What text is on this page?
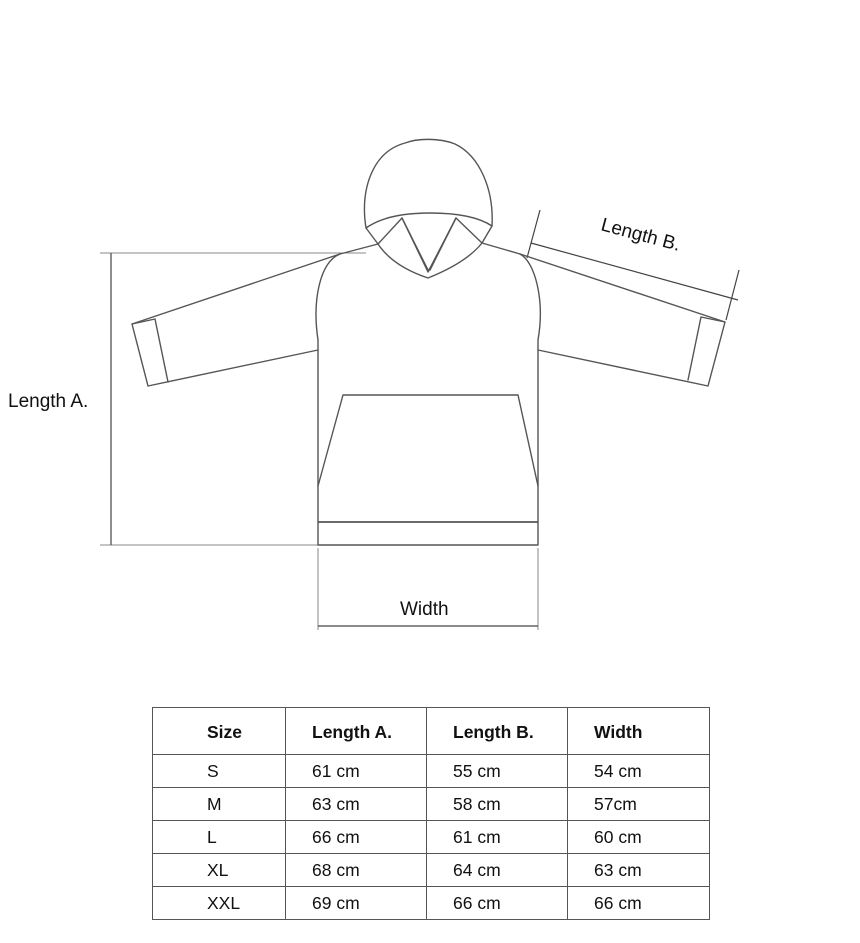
Length A.
Width
Length B.
Size	Length A.	Length B.	Width
S	61 cm	55 cm	54 cm
M	63 cm	58 cm	57cm
L	66 cm	61 cm	60 cm
XL	68 cm	64 cm	63 cm
XXL	69 cm	66 cm	66 cm
